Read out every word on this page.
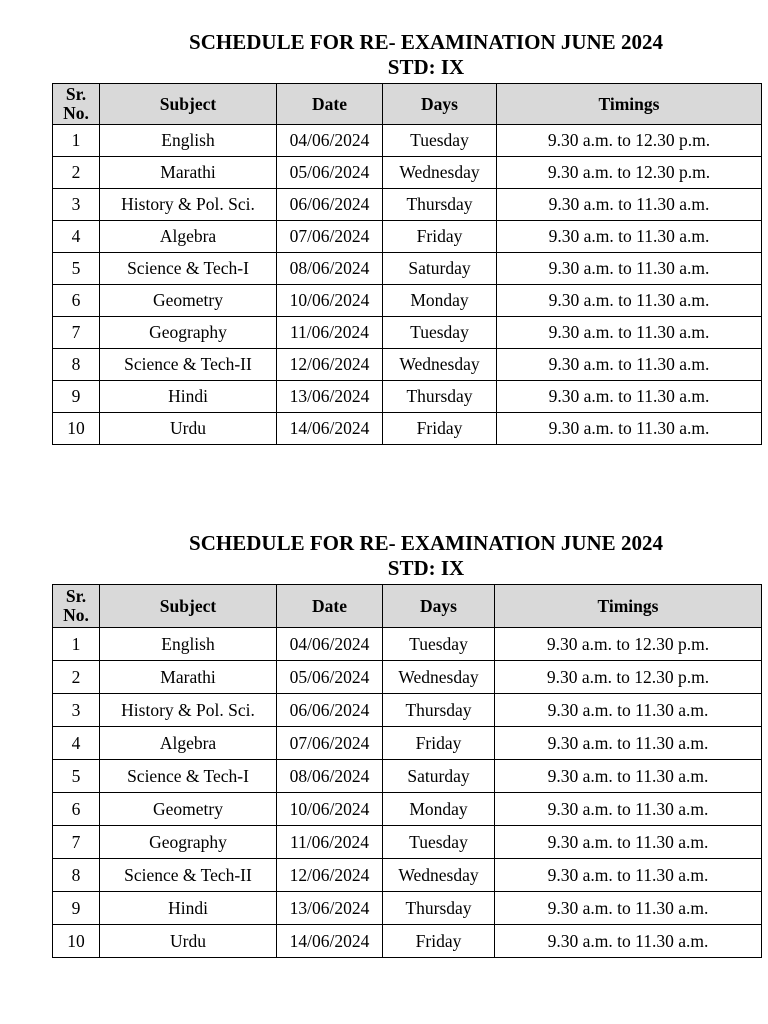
SCHEDULE FOR RE- EXAMINATION JUNE 2024
STD: IX
Sr.
No.	Subject	Date	Days	Timings
1	English	04/06/2024	Tuesday	9.30 a.m. to 12.30 p.m.
2	Marathi	05/06/2024	Wednesday	9.30 a.m. to 12.30 p.m.
3	History & Pol. Sci.	06/06/2024	Thursday	9.30 a.m. to 11.30 a.m.
4	Algebra	07/06/2024	Friday	9.30 a.m. to 11.30 a.m.
5	Science & Tech-I	08/06/2024	Saturday	9.30 a.m. to 11.30 a.m.
6	Geometry	10/06/2024	Monday	9.30 a.m. to 11.30 a.m.
7	Geography	11/06/2024	Tuesday	9.30 a.m. to 11.30 a.m.
8	Science & Tech-II	12/06/2024	Wednesday	9.30 a.m. to 11.30 a.m.
9	Hindi	13/06/2024	Thursday	9.30 a.m. to 11.30 a.m.
10	Urdu	14/06/2024	Friday	9.30 a.m. to 11.30 a.m.
SCHEDULE FOR RE- EXAMINATION JUNE 2024
STD: IX
Sr.
No.	Subject	Date	Days	Timings
1	English	04/06/2024	Tuesday	9.30 a.m. to 12.30 p.m.
2	Marathi	05/06/2024	Wednesday	9.30 a.m. to 12.30 p.m.
3	History & Pol. Sci.	06/06/2024	Thursday	9.30 a.m. to 11.30 a.m.
4	Algebra	07/06/2024	Friday	9.30 a.m. to 11.30 a.m.
5	Science & Tech-I	08/06/2024	Saturday	9.30 a.m. to 11.30 a.m.
6	Geometry	10/06/2024	Monday	9.30 a.m. to 11.30 a.m.
7	Geography	11/06/2024	Tuesday	9.30 a.m. to 11.30 a.m.
8	Science & Tech-II	12/06/2024	Wednesday	9.30 a.m. to 11.30 a.m.
9	Hindi	13/06/2024	Thursday	9.30 a.m. to 11.30 a.m.
10	Urdu	14/06/2024	Friday	9.30 a.m. to 11.30 a.m.
